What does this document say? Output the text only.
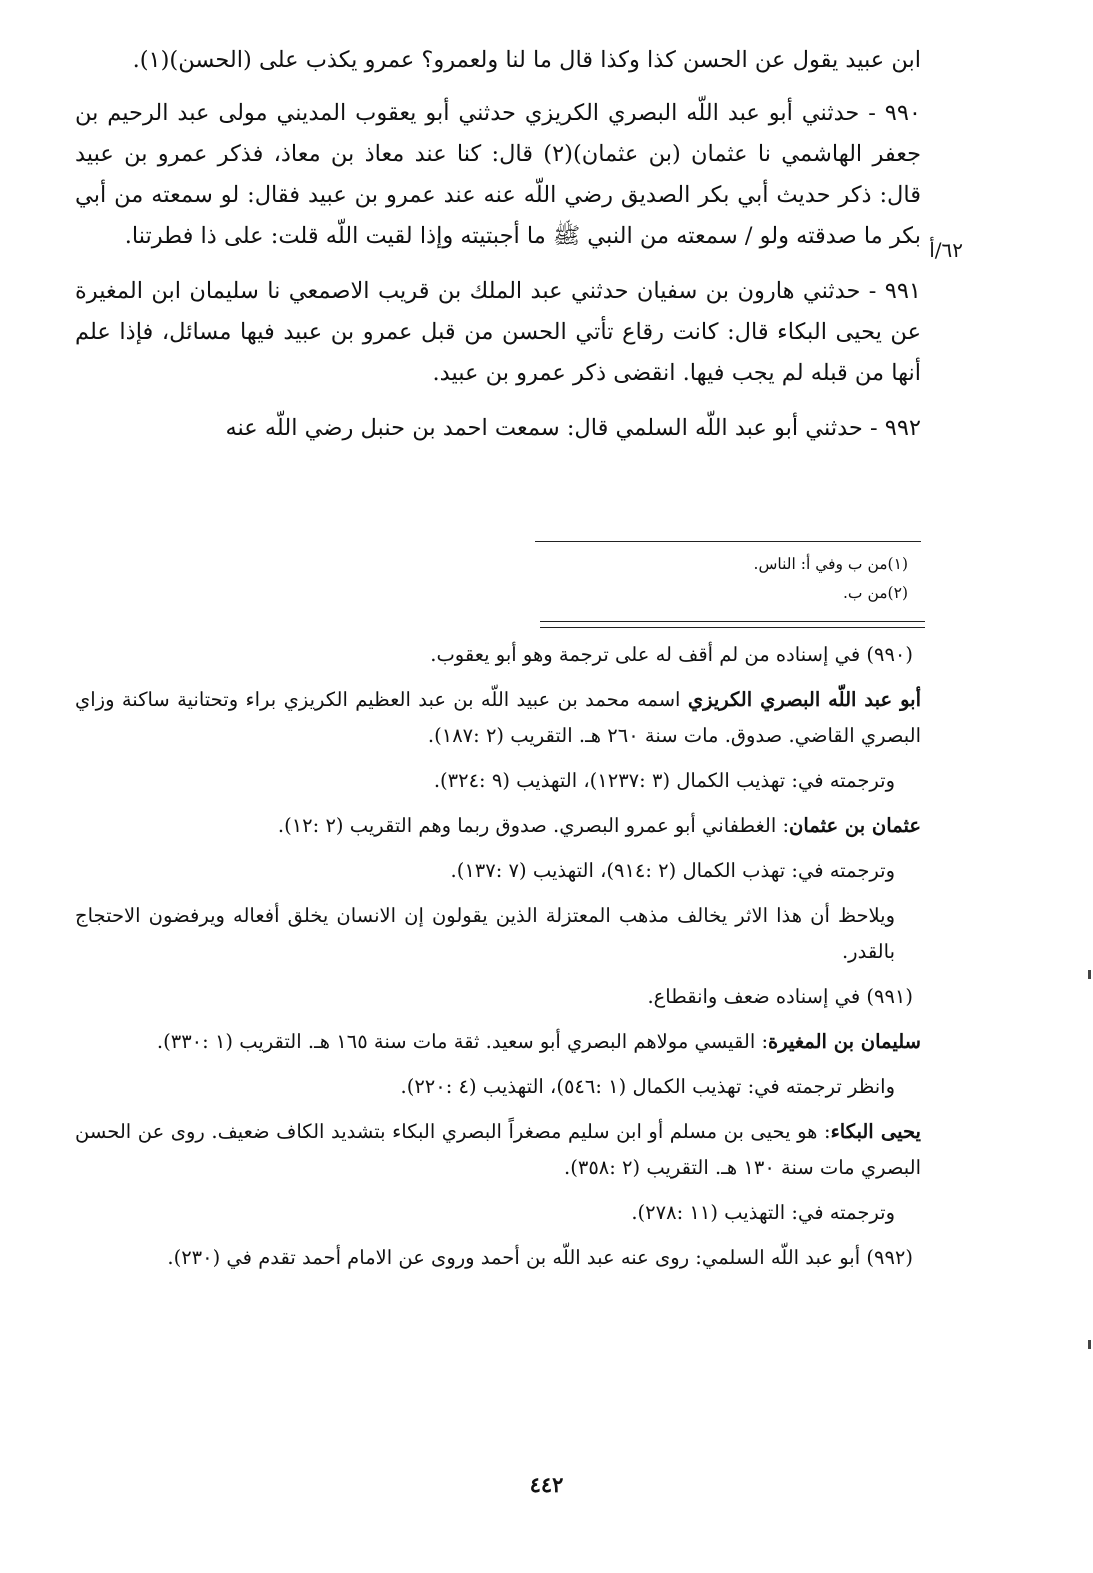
ابن عبيد يقول عن الحسن كذا وكذا قال ما لنا ولعمرو؟ عمرو يكذب على (الحسن)(١).

٩٩٠ - حدثني أبو عبد اللّه البصري الكريزي حدثني أبو يعقوب المديني مولى عبد الرحيم بن جعفر الهاشمي نا عثمان (بن عثمان)(٢) قال: كنا عند معاذ بن معاذ، فذكر عمرو بن عبيد قال: ذكر حديث أبي بكر الصديق رضي اللّه عنه عند عمرو بن عبيد فقال: لو سمعته من أبي بكر ما صدقته ولو / سمعته من النبي ﷺ ما أجبتيته وإذا لقيت اللّه قلت: على ذا فطرتنا.

٩٩١ - حدثني هارون بن سفيان حدثني عبد الملك بن قريب الاصمعي نا سليمان ابن المغيرة عن يحيى البكاء قال: كانت رقاع تأتي الحسن من قبل عمرو بن عبيد فيها مسائل، فإذا علم أنها من قبله لم يجب فيها. انقضى ذكر عمرو بن عبيد.

٩٩٢ - حدثني أبو عبد اللّه السلمي قال: سمعت احمد بن حنبل رضي اللّه عنه

٦٢/أ
(١)من ب وفي أ: الناس.
(٢)من ب.

(٩٩٠) في إسناده من لم أقف له على ترجمة وهو أبو يعقوب.

أبو عبد اللّه البصري الكريزي اسمه محمد بن عبيد اللّه بن عبد العظيم الكريزي براء وتحتانية ساكنة وزاي البصري القاضي. صدوق. مات سنة ٢٦٠ هـ. التقريب (٢ :١٨٧).

وترجمته في: تهذيب الكمال (٣ :١٢٣٧)، التهذيب (٩ :٣٢٤).

عثمان بن عثمان: الغطفاني أبو عمرو البصري. صدوق ربما وهم التقريب (٢ :١٢).

وترجمته في: تهذب الكمال (٢ :٩١٤)، التهذيب (٧ :١٣٧).

ويلاحظ أن هذا الاثر يخالف مذهب المعتزلة الذين يقولون إن الانسان يخلق أفعاله ويرفضون الاحتجاج بالقدر.

(٩٩١) في إسناده ضعف وانقطاع.

سليمان بن المغيرة: القيسي مولاهم البصري أبو سعيد. ثقة مات سنة ١٦٥ هـ. التقريب (١ :٣٣٠).

وانظر ترجمته في: تهذيب الكمال (١ :٥٤٦)، التهذيب (٤ :٢٢٠).

يحيى البكاء: هو يحيى بن مسلم أو ابن سليم مصغراً البصري البكاء بتشديد الكاف ضعيف. روى عن الحسن البصري مات سنة ١٣٠ هـ. التقريب (٢ :٣٥٨).

وترجمته في: التهذيب (١١ :٢٧٨).

(٩٩٢) أبو عبد اللّه السلمي: روى عنه عبد اللّه بن أحمد وروى عن الامام أحمد تقدم في (٢٣٠).

٤٤٢
